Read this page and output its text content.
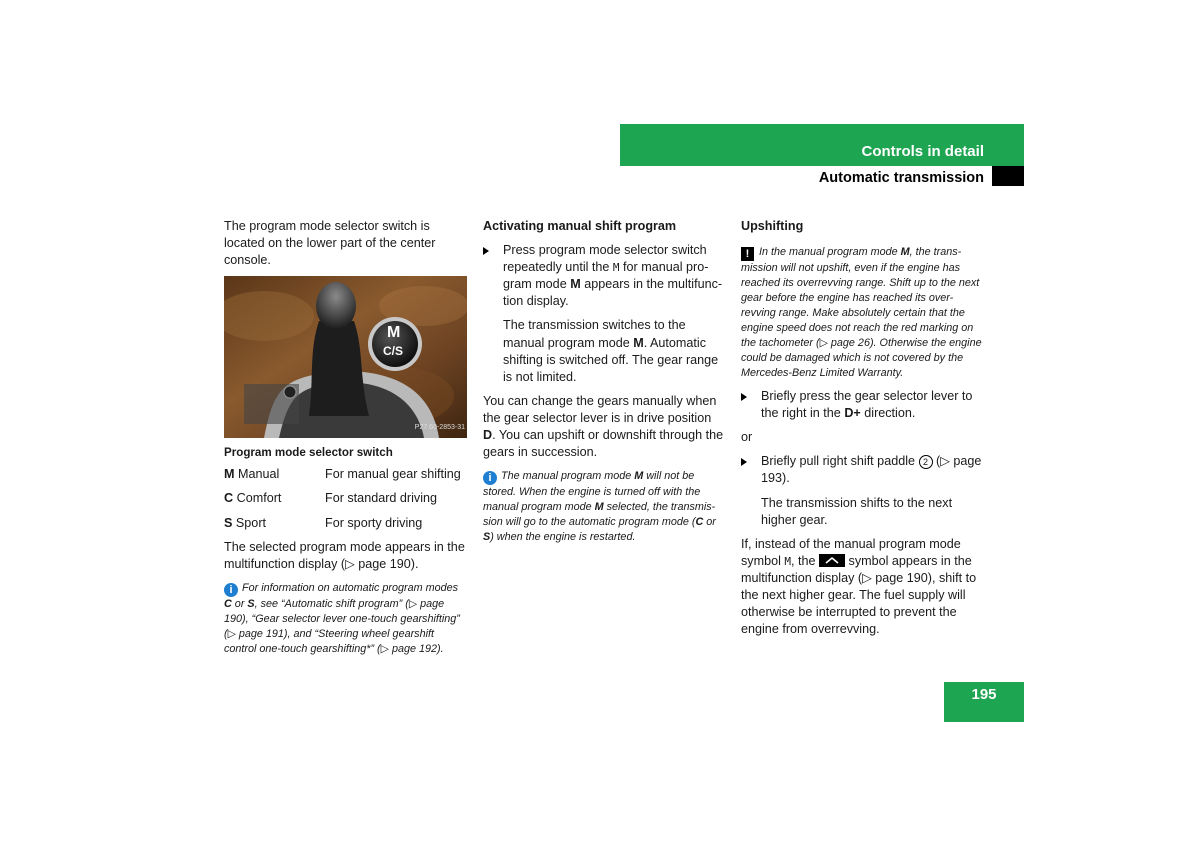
Controls in detail
Automatic transmission

The program mode selector switch is located on the lower part of the center console.

M
C/S
P27.60-2853-31
Program mode selector switch
M Manual	For manual gear shifting
C Comfort	For standard driving
S Sport	For sporty driving

The selected program mode appears in the multifunction display (▷ page 190).

i For information on automatic program modes C or S, see “Automatic shift program” (▷ page 190), “Gear selector lever one-touch gearshifting” (▷ page 191), and “Steering wheel gearshift control one-touch gearshifting*” (▷ page 192).
Activating manual shift program
Press program mode selector switch repeatedly until the M for manual pro-gram mode M appears in the multifunc-tion display.
The transmission switches to the manual program mode M. Automatic shifting is switched off. The gear range is not limited.

You can change the gears manually when the gear selector lever is in drive position D. You can upshift or downshift through the gears in succession.

i The manual program mode M will not be stored. When the engine is turned off with the manual program mode M selected, the transmis-sion will go to the automatic program mode (C or S) when the engine is restarted.
Upshifting
! In the manual program mode M, the trans-mission will not upshift, even if the engine has reached its overrevving range. Shift up to the next gear before the engine has reached its over-revving range. Make absolutely certain that the engine speed does not reach the red marking on the tachometer (▷ page 26). Otherwise the engine could be damaged which is not covered by the Mercedes-Benz Limited Warranty.
Briefly press the gear selector lever to the right in the D+ direction.

or

Briefly pull right shift paddle 2 (▷ page 193).
The transmission shifts to the next higher gear.

If, instead of the manual program mode symbol M, the
symbol appears in the multifunction display (▷ page 190), shift to the next higher gear. The fuel supply will otherwise be interrupted to prevent the engine from overrevving.

195
